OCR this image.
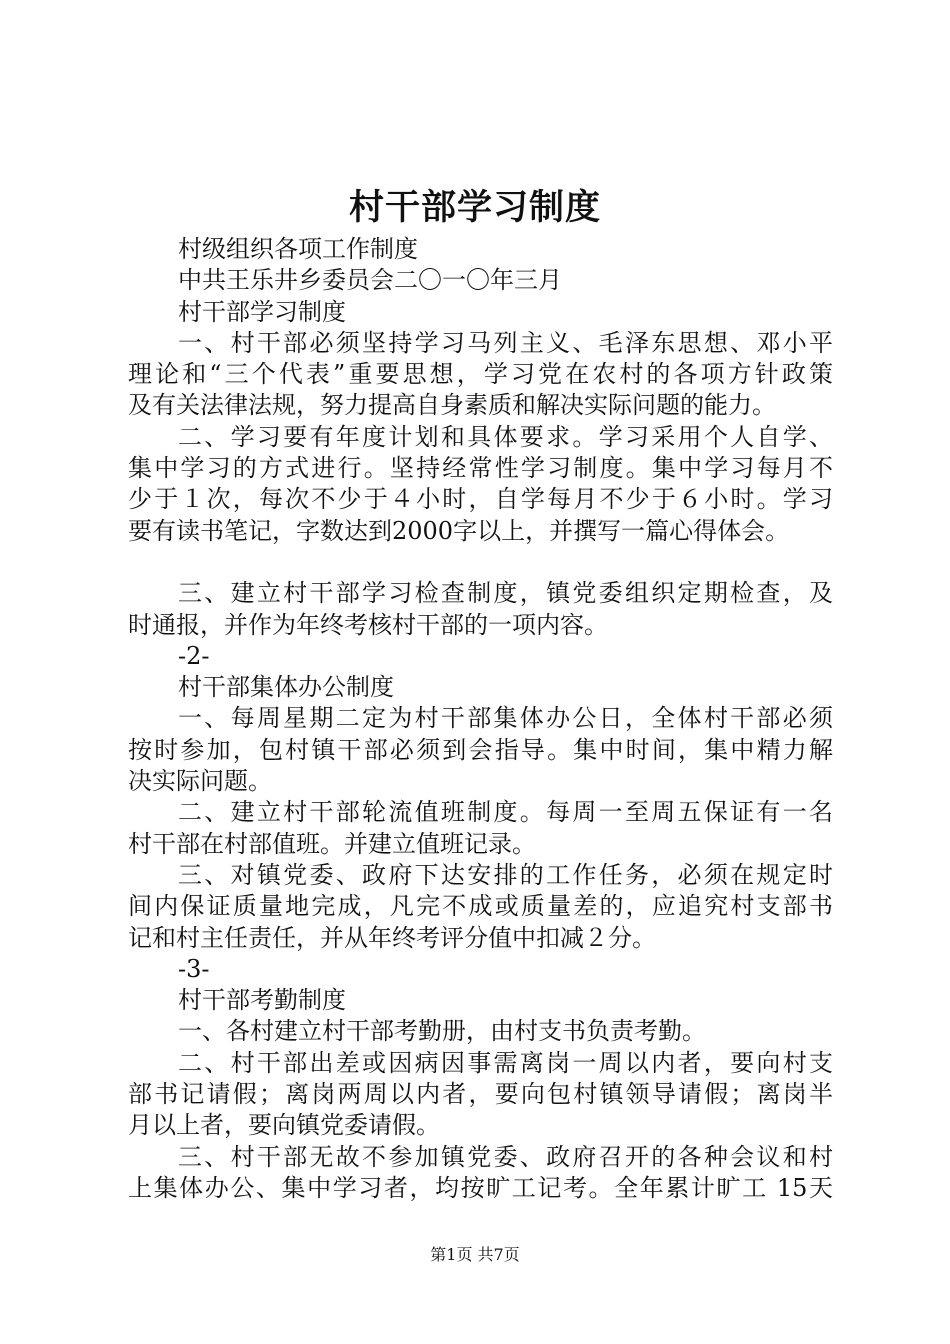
村干部学习制度
村级组织各项工作制度
中共王乐井乡委员会二〇一〇年三月
村干部学习制度
一、村干部必须坚持学习马列主义、毛泽东思想、邓小平
理论和“三个代表”重要思想，学习党在农村的各项方针政策
及有关法律法规，努力提高自身素质和解决实际问题的能力。
二、学习要有年度计划和具体要求。学习采用个人自学、
集中学习的方式进行。坚持经常性学习制度。集中学习每月不
少于１次，每次不少于４小时，自学每月不少于６小时。学习
要有读书笔记，字数达到2000字以上，并撰写一篇心得体会。
三、建立村干部学习检查制度，镇党委组织定期检查，及
时通报，并作为年终考核村干部的一项内容。
-2-
村干部集体办公制度
一、每周星期二定为村干部集体办公日，全体村干部必须
按时参加，包村镇干部必须到会指导。集中时间，集中精力解
决实际问题。
二、建立村干部轮流值班制度。每周一至周五保证有一名
村干部在村部值班。并建立值班记录。
三、对镇党委、政府下达安排的工作任务，必须在规定时
间内保证质量地完成，凡完不成或质量差的，应追究村支部书
记和村主任责任，并从年终考评分值中扣减２分。
-3-
村干部考勤制度
一、各村建立村干部考勤册，由村支书负责考勤。
二、村干部出差或因病因事需离岗一周以内者，要向村支
部书记请假；离岗两周以内者，要向包村镇领导请假；离岗半
月以上者，要向镇党委请假。
三、村干部无故不参加镇党委、政府召开的各种会议和村
上集体办公、集中学习者，均按旷工记考。全年累计旷工 15天
第1页 共7页
